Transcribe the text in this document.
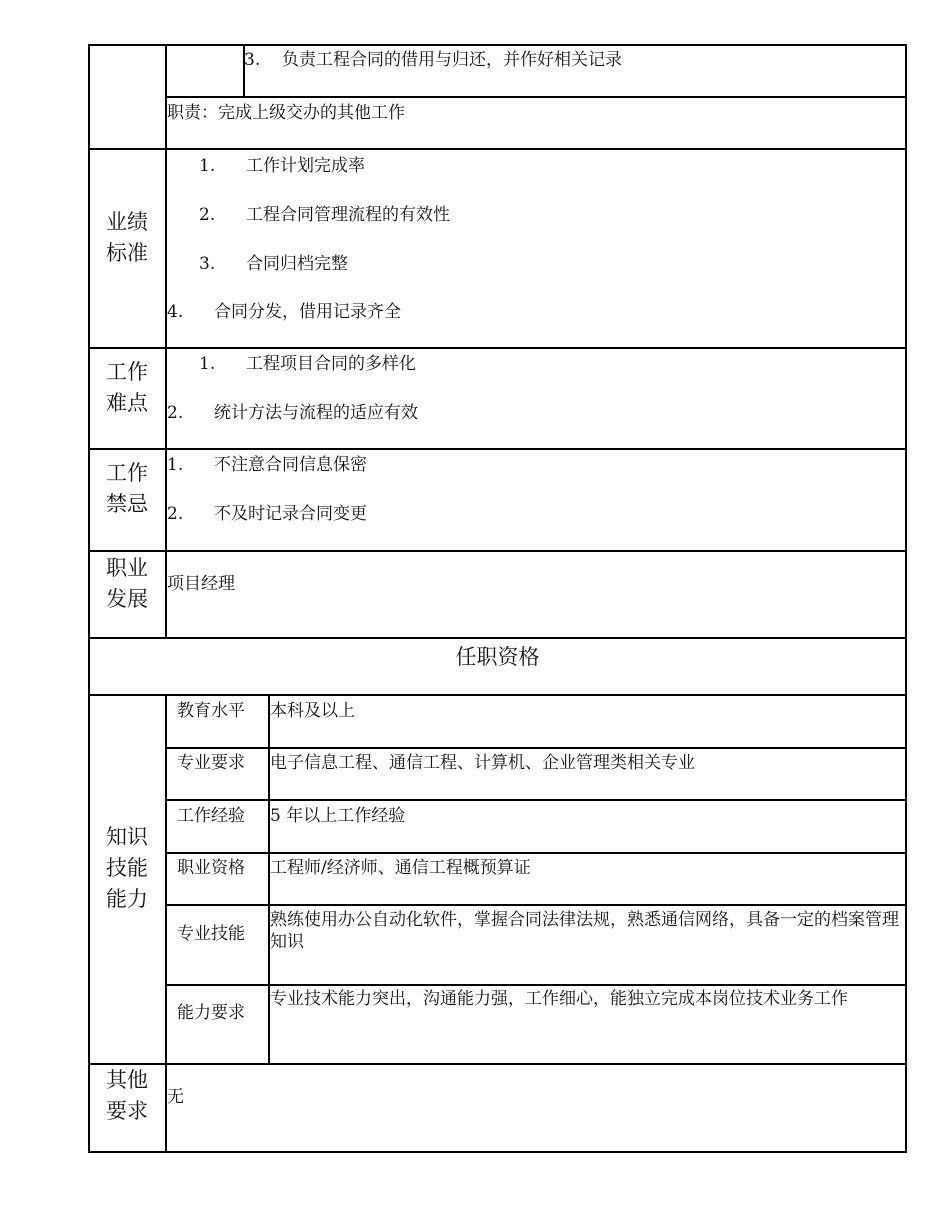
3. 负责工程合同的借用与归还，并作好相关记录
职责：完成上级交办的其他工作
业绩
标准
1. 工作计划完成率
2. 工程合同管理流程的有效性
3. 合同归档完整
4. 合同分发，借用记录齐全
工作
难点
1. 工程项目合同的多样化
2. 统计方法与流程的适应有效
工作
禁忌
1. 不注意合同信息保密
2. 不及时记录合同变更
职业
发展
项目经理
任职资格
知识
技能
能力
教育水平 本科及以上
专业要求 电子信息工程、通信工程、计算机、企业管理类相关专业
工作经验 5 年以上工作经验
职业资格 工程师/经济师、通信工程概预算证
专业技能
熟练使用办公自动化软件，掌握合同法律法规，熟悉通信网络，具备一定的档案管理知识
能力要求
专业技术能力突出，沟通能力强，工作细心，能独立完成本岗位技术业务工作
其他
要求
无
